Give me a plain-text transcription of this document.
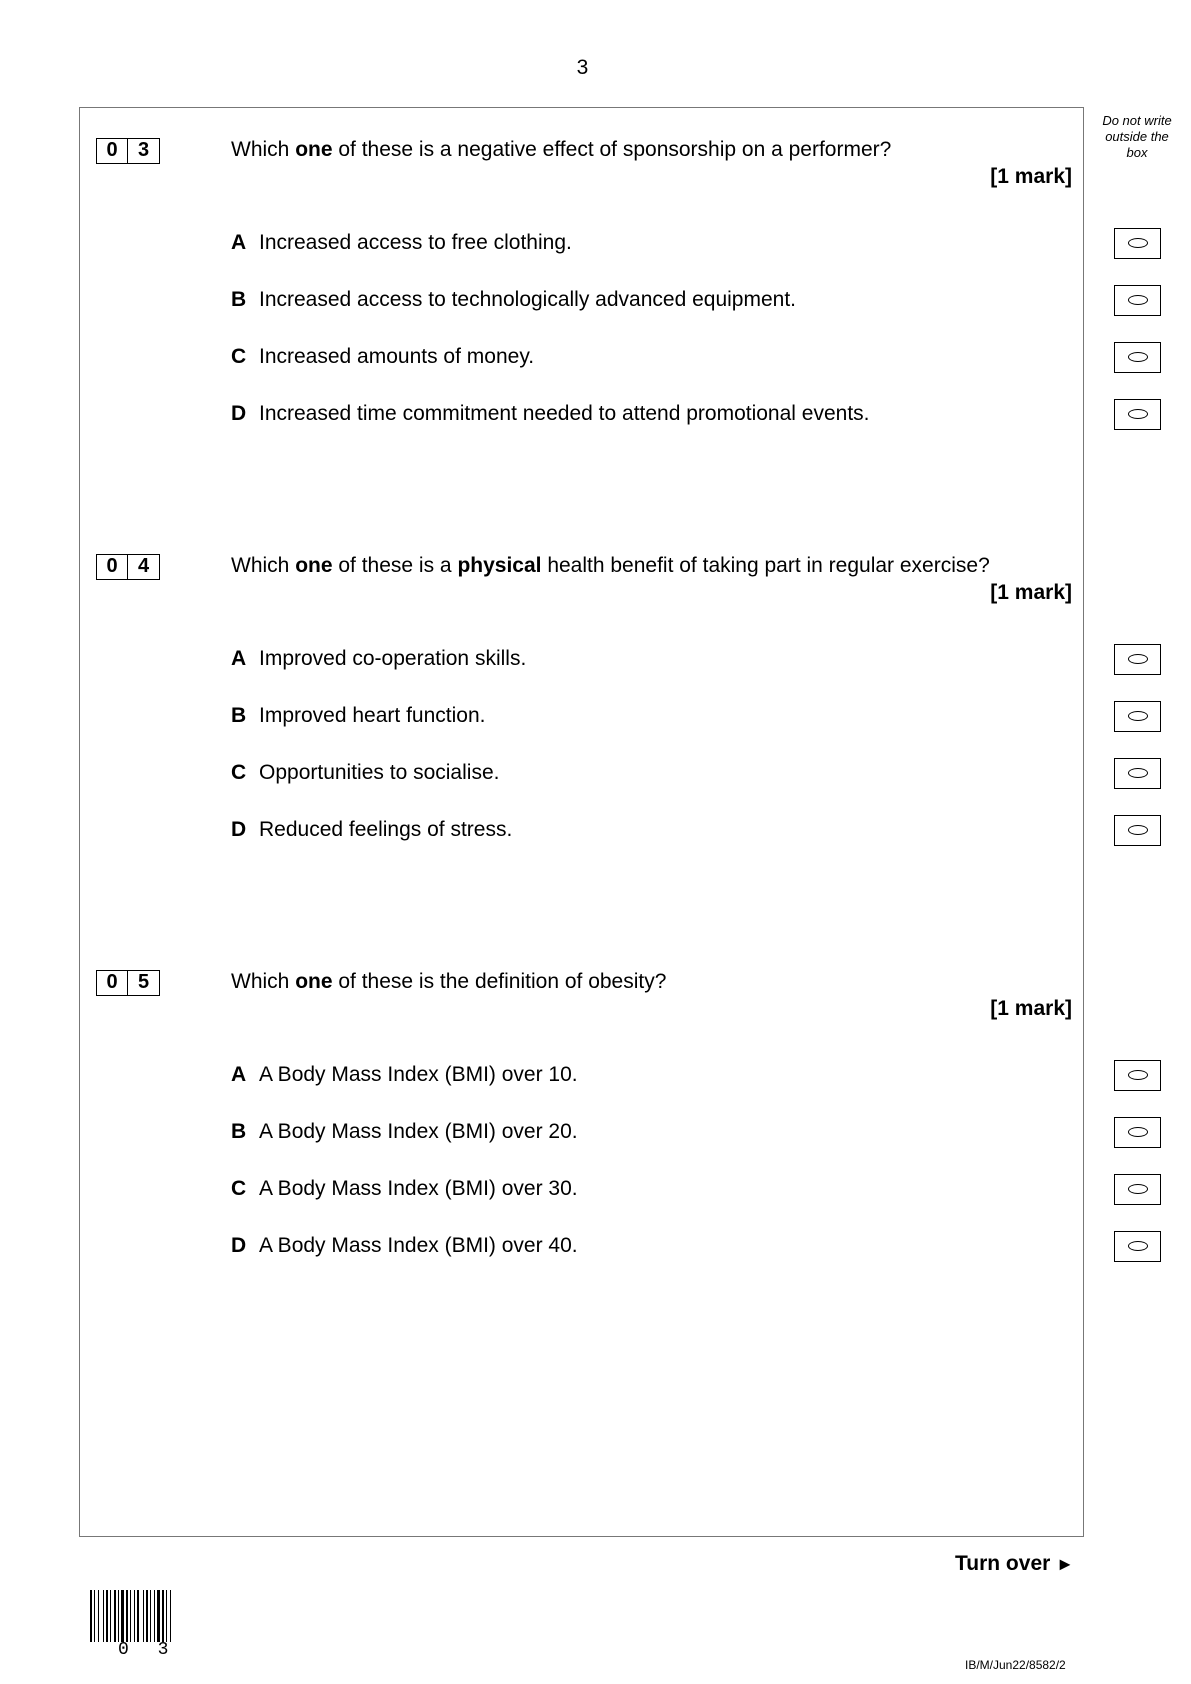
3
Do not write outside the box
0	3	Which one of these is a negative effect of sponsorship on a performer?
[1 mark]
A Increased access to free clothing.
B Increased access to technologically advanced equipment.
C Increased amounts of money.
D Increased time commitment needed to attend promotional events.
0	4	Which one of these is a physical health benefit of taking part in regular exercise?
[1 mark]
A Improved co-operation skills.
B Improved heart function.
C Opportunities to socialise.
D Reduced feelings of stress.
0	5	Which one of these is the definition of obesity?
[1 mark]
A A Body Mass Index (BMI) over 10.
B A Body Mass Index (BMI) over 20.
C A Body Mass Index (BMI) over 30.
D A Body Mass Index (BMI) over 40.
Turn over ►
0 3
IB/M/Jun22/8582/2
